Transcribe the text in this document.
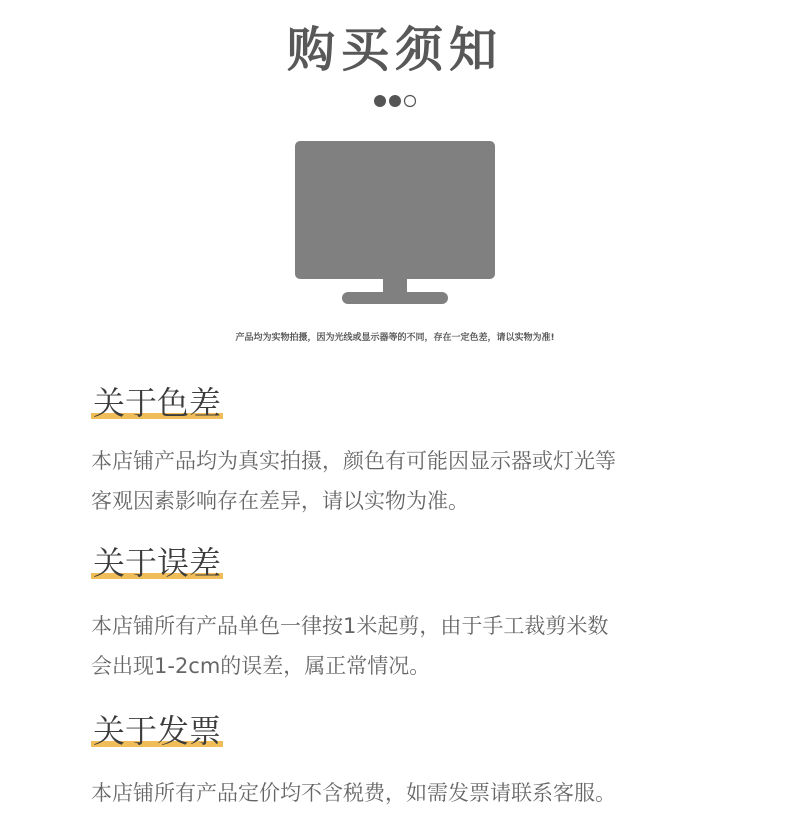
购买须知
产品均为实物拍摄，因为光线或显示器等的不同，存在一定色差，请以实物为准!
关于色差
本店铺产品均为真实拍摄，颜色有可能因显示器或灯光等
客观因素影响存在差异，请以实物为准。
关于误差
本店铺所有产品单色一律按1米起剪，由于手工裁剪米数
会出现1-2cm的误差，属正常情况。
关于发票
本店铺所有产品定价均不含税费，如需发票请联系客服。
